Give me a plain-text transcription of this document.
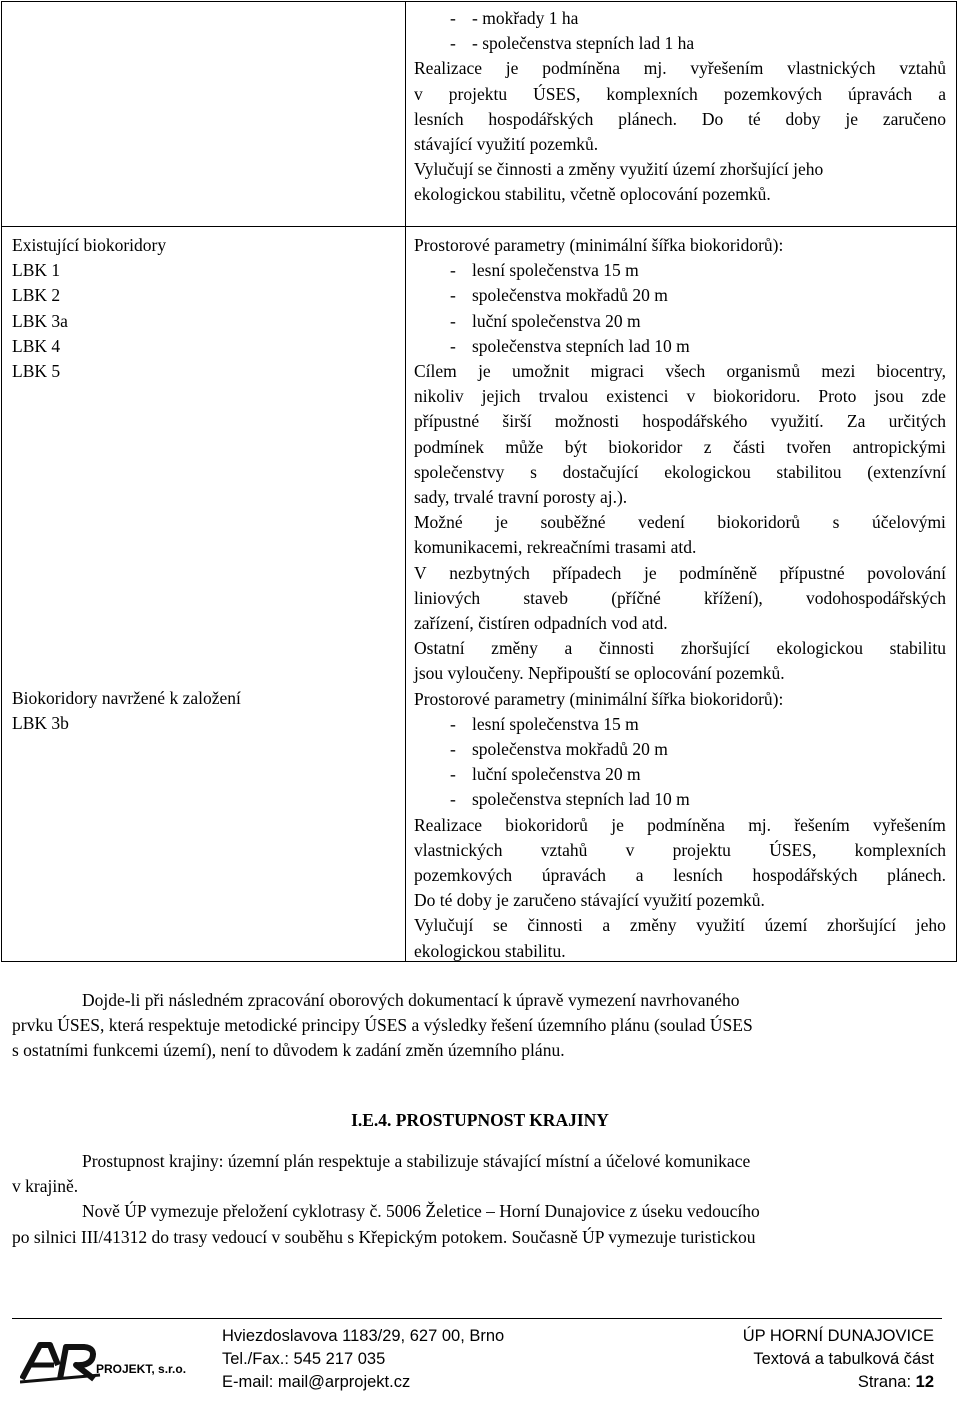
- - mokřady 1 ha
- - společenstva stepních lad 1 ha
Realizace je podmíněna mj. vyřešením vlastnických vztahů
v projektu ÚSES, komplexních pozemkových úpravách a
lesních hospodářských plánech. Do té doby je zaručeno
stávající využití pozemků.
Vylučují se činnosti a změny využití území zhoršující jeho
ekologickou stabilitu, včetně oplocování pozemků.
Existující biokoridory
LBK 1
LBK 2
LBK 3a
LBK 4
LBK 5
Biokoridory navržené k založení
LBK 3b
Prostorové parametry (minimální šířka biokoridorů):
- lesní společenstva 15 m
- společenstva mokřadů 20 m
- luční společenstva 20 m
- společenstva stepních lad 10 m
Cílem je umožnit migraci všech organismů mezi biocentry,
nikoliv jejich trvalou existenci v biokoridoru. Proto jsou zde
přípustné širší možnosti hospodářského využití. Za určitých
podmínek může být biokoridor z části tvořen antropickými
společenstvy s dostačující ekologickou stabilitou (extenzívní
sady, trvalé travní porosty aj.).
Možné je souběžné vedení biokoridorů s účelovými
komunikacemi, rekreačními trasami atd.
V nezbytných případech je podmíněně přípustné povolování
liniových staveb (příčné křížení), vodohospodářských
zařízení, čistíren odpadních vod atd.
Ostatní změny a činnosti zhoršující ekologickou stabilitu
jsou vyloučeny. Nepřipouští se oplocování pozemků.
Prostorové parametry (minimální šířka biokoridorů):
- lesní společenstva 15 m
- společenstva mokřadů 20 m
- luční společenstva 20 m
- společenstva stepních lad 10 m
Realizace biokoridorů je podmíněna mj. řešením vyřešením
vlastnických vztahů v projektu ÚSES, komplexních
pozemkových úpravách a lesních hospodářských plánech.
Do té doby je zaručeno stávající využití pozemků.
Vylučují se činnosti a změny využití území zhoršující jeho
ekologickou stabilitu.
Dojde-li při následném zpracování oborových dokumentací k úpravě vymezení navrhovaného
prvku ÚSES, která respektuje metodické principy ÚSES a výsledky řešení územního plánu (soulad ÚSES
s ostatními funkcemi území), není to důvodem k zadání změn územního plánu.
I.E.4. PROSTUPNOST KRAJINY
Prostupnost krajiny: územní plán respektuje a stabilizuje stávající místní a účelové komunikace
v krajině.
Nově ÚP vymezuje přeložení cyklotrasy č. 5006 Želetice – Horní Dunajovice z úseku vedoucího
po silnici III/41312 do trasy vedoucí v souběhu s Křepickým potokem. Současně ÚP vymezuje turistickou
PROJEKT, s.r.o.
Hviezdoslavova 1183/29, 627 00, Brno
Tel./Fax.: 545 217 035
E-mail: mail@arprojekt.cz
ÚP HORNÍ DUNAJOVICE
Textová a tabulková část
Strana: 12
